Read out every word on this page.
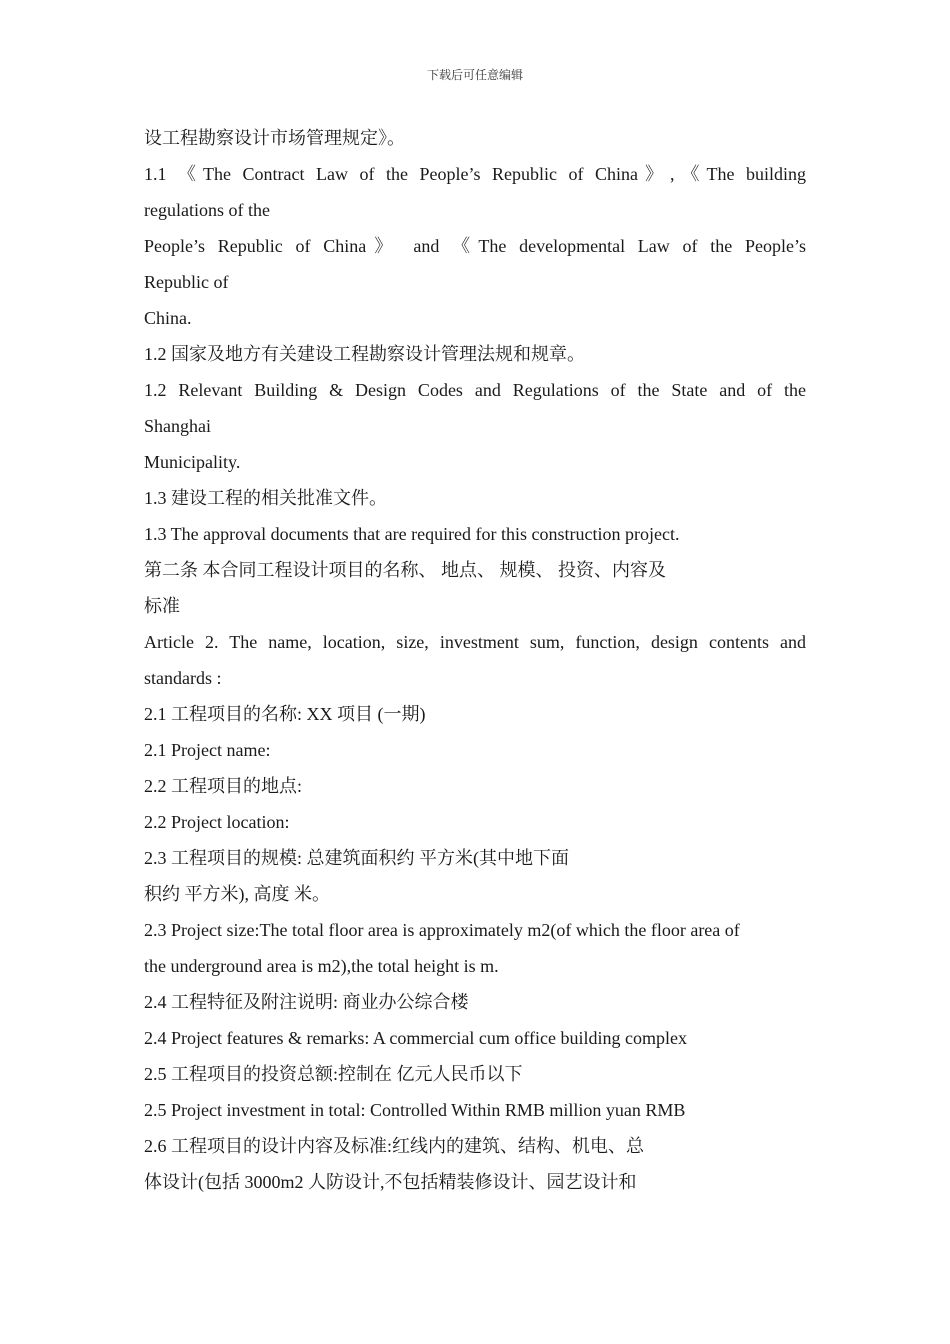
下载后可任意编辑
设工程勘察设计市场管理规定》。
1.1 《The Contract Law of the People’s Republic of China》,《The building
regulations of the
People’s Republic of China》 and 《The developmental Law of the People’s
Republic of
China.
1.2 国家及地方有关建设工程勘察设计管理法规和规章。
1.2 Relevant Building & Design Codes and Regulations of the State and of the
Shanghai
Municipality.
1.3 建设工程的相关批准文件。
1.3 The approval documents that are required for this construction project.
第二条 本合同工程设计项目的名称、 地点、 规模、 投资、内容及
标准
Article 2. The name, location, size, investment sum, function, design contents and
standards :
2.1 工程项目的名称: XX 项目 (一期)
2.1 Project name:
2.2 工程项目的地点:
2.2 Project location:
2.3 工程项目的规模: 总建筑面积约 平方米(其中地下面
积约 平方米), 高度 米。
2.3 Project size:The total floor area is approximately m2(of which the floor area of
the underground area is m2),the total height is m.
2.4 工程特征及附注说明: 商业办公综合楼
2.4 Project features & remarks: A commercial cum office building complex
2.5 工程项目的投资总额:控制在 亿元人民币以下
2.5 Project investment in total: Controlled Within RMB million yuan RMB
2.6 工程项目的设计内容及标准:红线内的建筑、结构、机电、总
体设计(包括 3000m2 人防设计,不包括精装修设计、园艺设计和
